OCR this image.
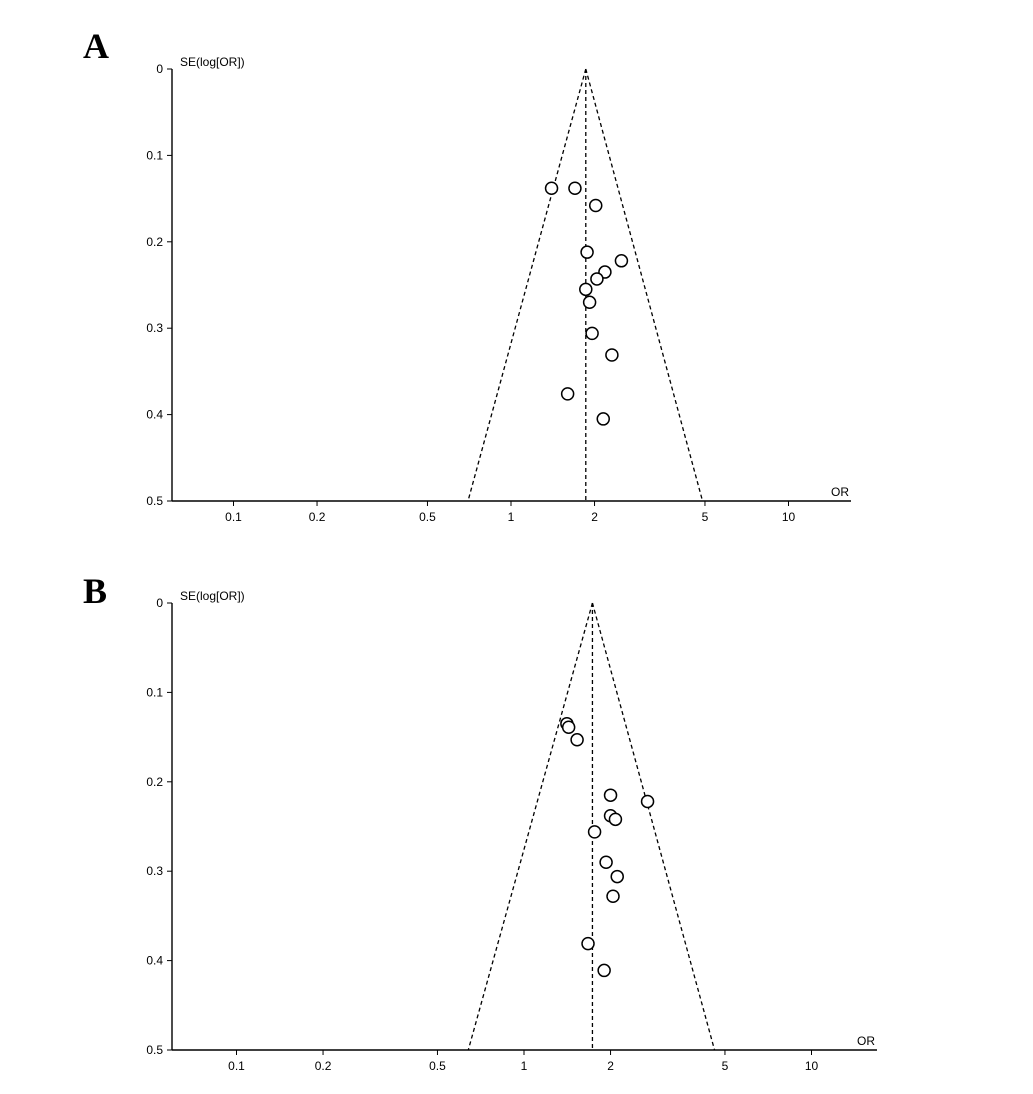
A
0
0.1
0.2
0.3
0.4
0.5
0.1	0.2	0.5	1	2	5	10
SE(log[OR])
OR
B	0
0.1
0.2
0.3
0.4
0.5
0.1	0.2	0.5	1	2	5	10
SE(log[OR])
OR
